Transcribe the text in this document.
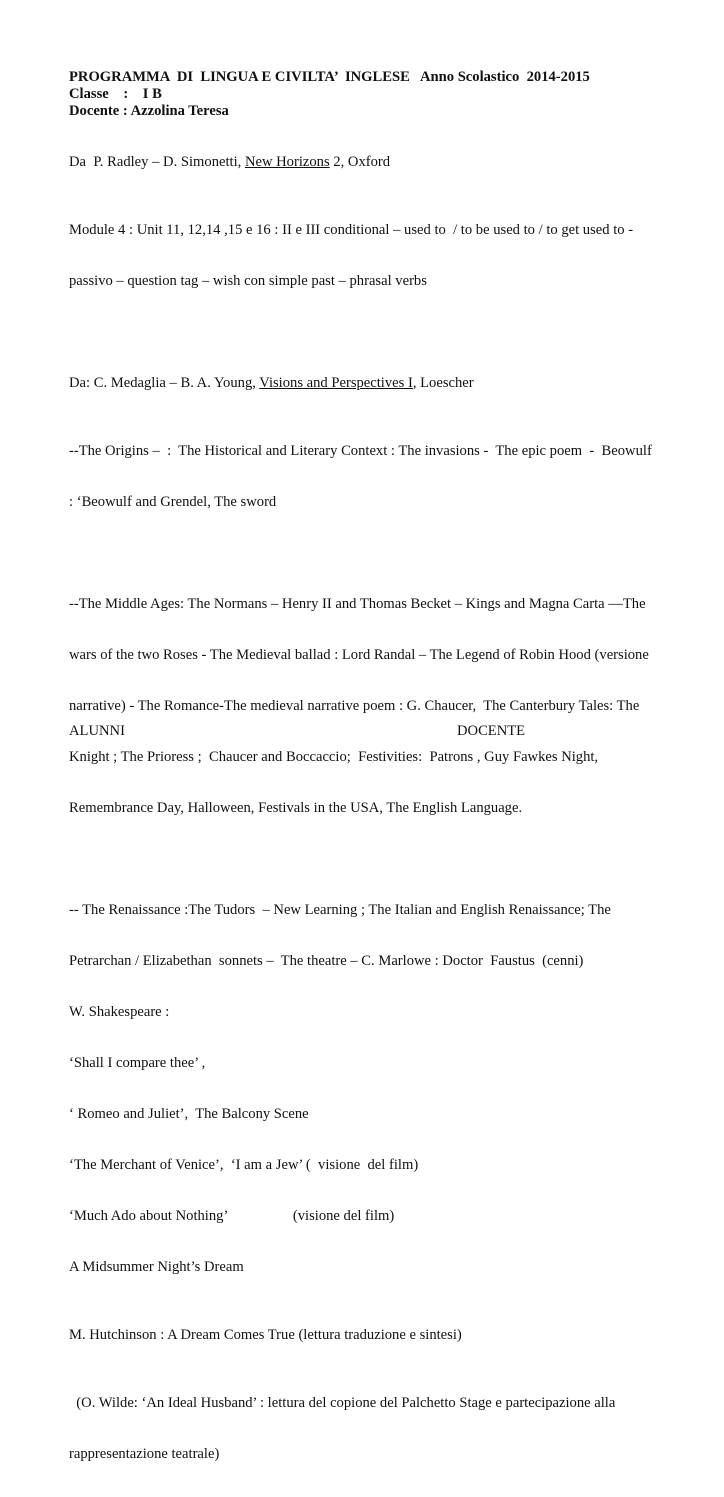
PROGRAMMA  DI  LINGUA E CIVILTA’  INGLESE   Anno Scolastico  2014-2015
Classe    :    I B
Docente : Azzolina Teresa
Da  P. Radley – D. Simonetti, New Horizons 2, Oxford

Module 4 : Unit 11, 12,14 ,15 e 16 : II e III conditional – used to  / to be used to / to get used to -

passivo – question tag – wish con simple past – phrasal verbs

Da: C. Medaglia – B. A. Young, Visions and Perspectives I, Loescher

--The Origins –  :  The Historical and Literary Context : The invasions -  The epic poem  -  Beowulf

: ‘Beowulf and Grendel, The sword

--The Middle Ages: The Normans – Henry II and Thomas Becket – Kings and Magna Carta —The

wars of the two Roses - The Medieval ballad : Lord Randal – The Legend of Robin Hood (versione

narrative) - The Romance-The medieval narrative poem : G. Chaucer,  The Canterbury Tales: The

Knight ; The Prioress ;  Chaucer and Boccaccio;  Festivities:  Patrons , Guy Fawkes Night,

Remembrance Day, Halloween, Festivals in the USA, The English Language.

-- The Renaissance :The Tudors  – New Learning ; The Italian and English Renaissance; The

Petrarchan / Elizabethan  sonnets –  The theatre – C. Marlowe : Doctor  Faustus  (cenni)

W. Shakespeare :

‘Shall I compare thee’ ,

‘ Romeo and Juliet’,  The Balcony Scene

‘The Merchant of Venice’,  ‘I am a Jew’ (  visione  del film)

‘Much Ado about Nothing’                  (visione del film)

A Midsummer Night’s Dream

M. Hutchinson : A Dream Comes True (lettura traduzione e sintesi)

(O. Wilde: ‘An Ideal Husband’ : lettura del copione del Palchetto Stage e partecipazione alla

rappresentazione teatrale)

ALUNNI	DOCENTE
